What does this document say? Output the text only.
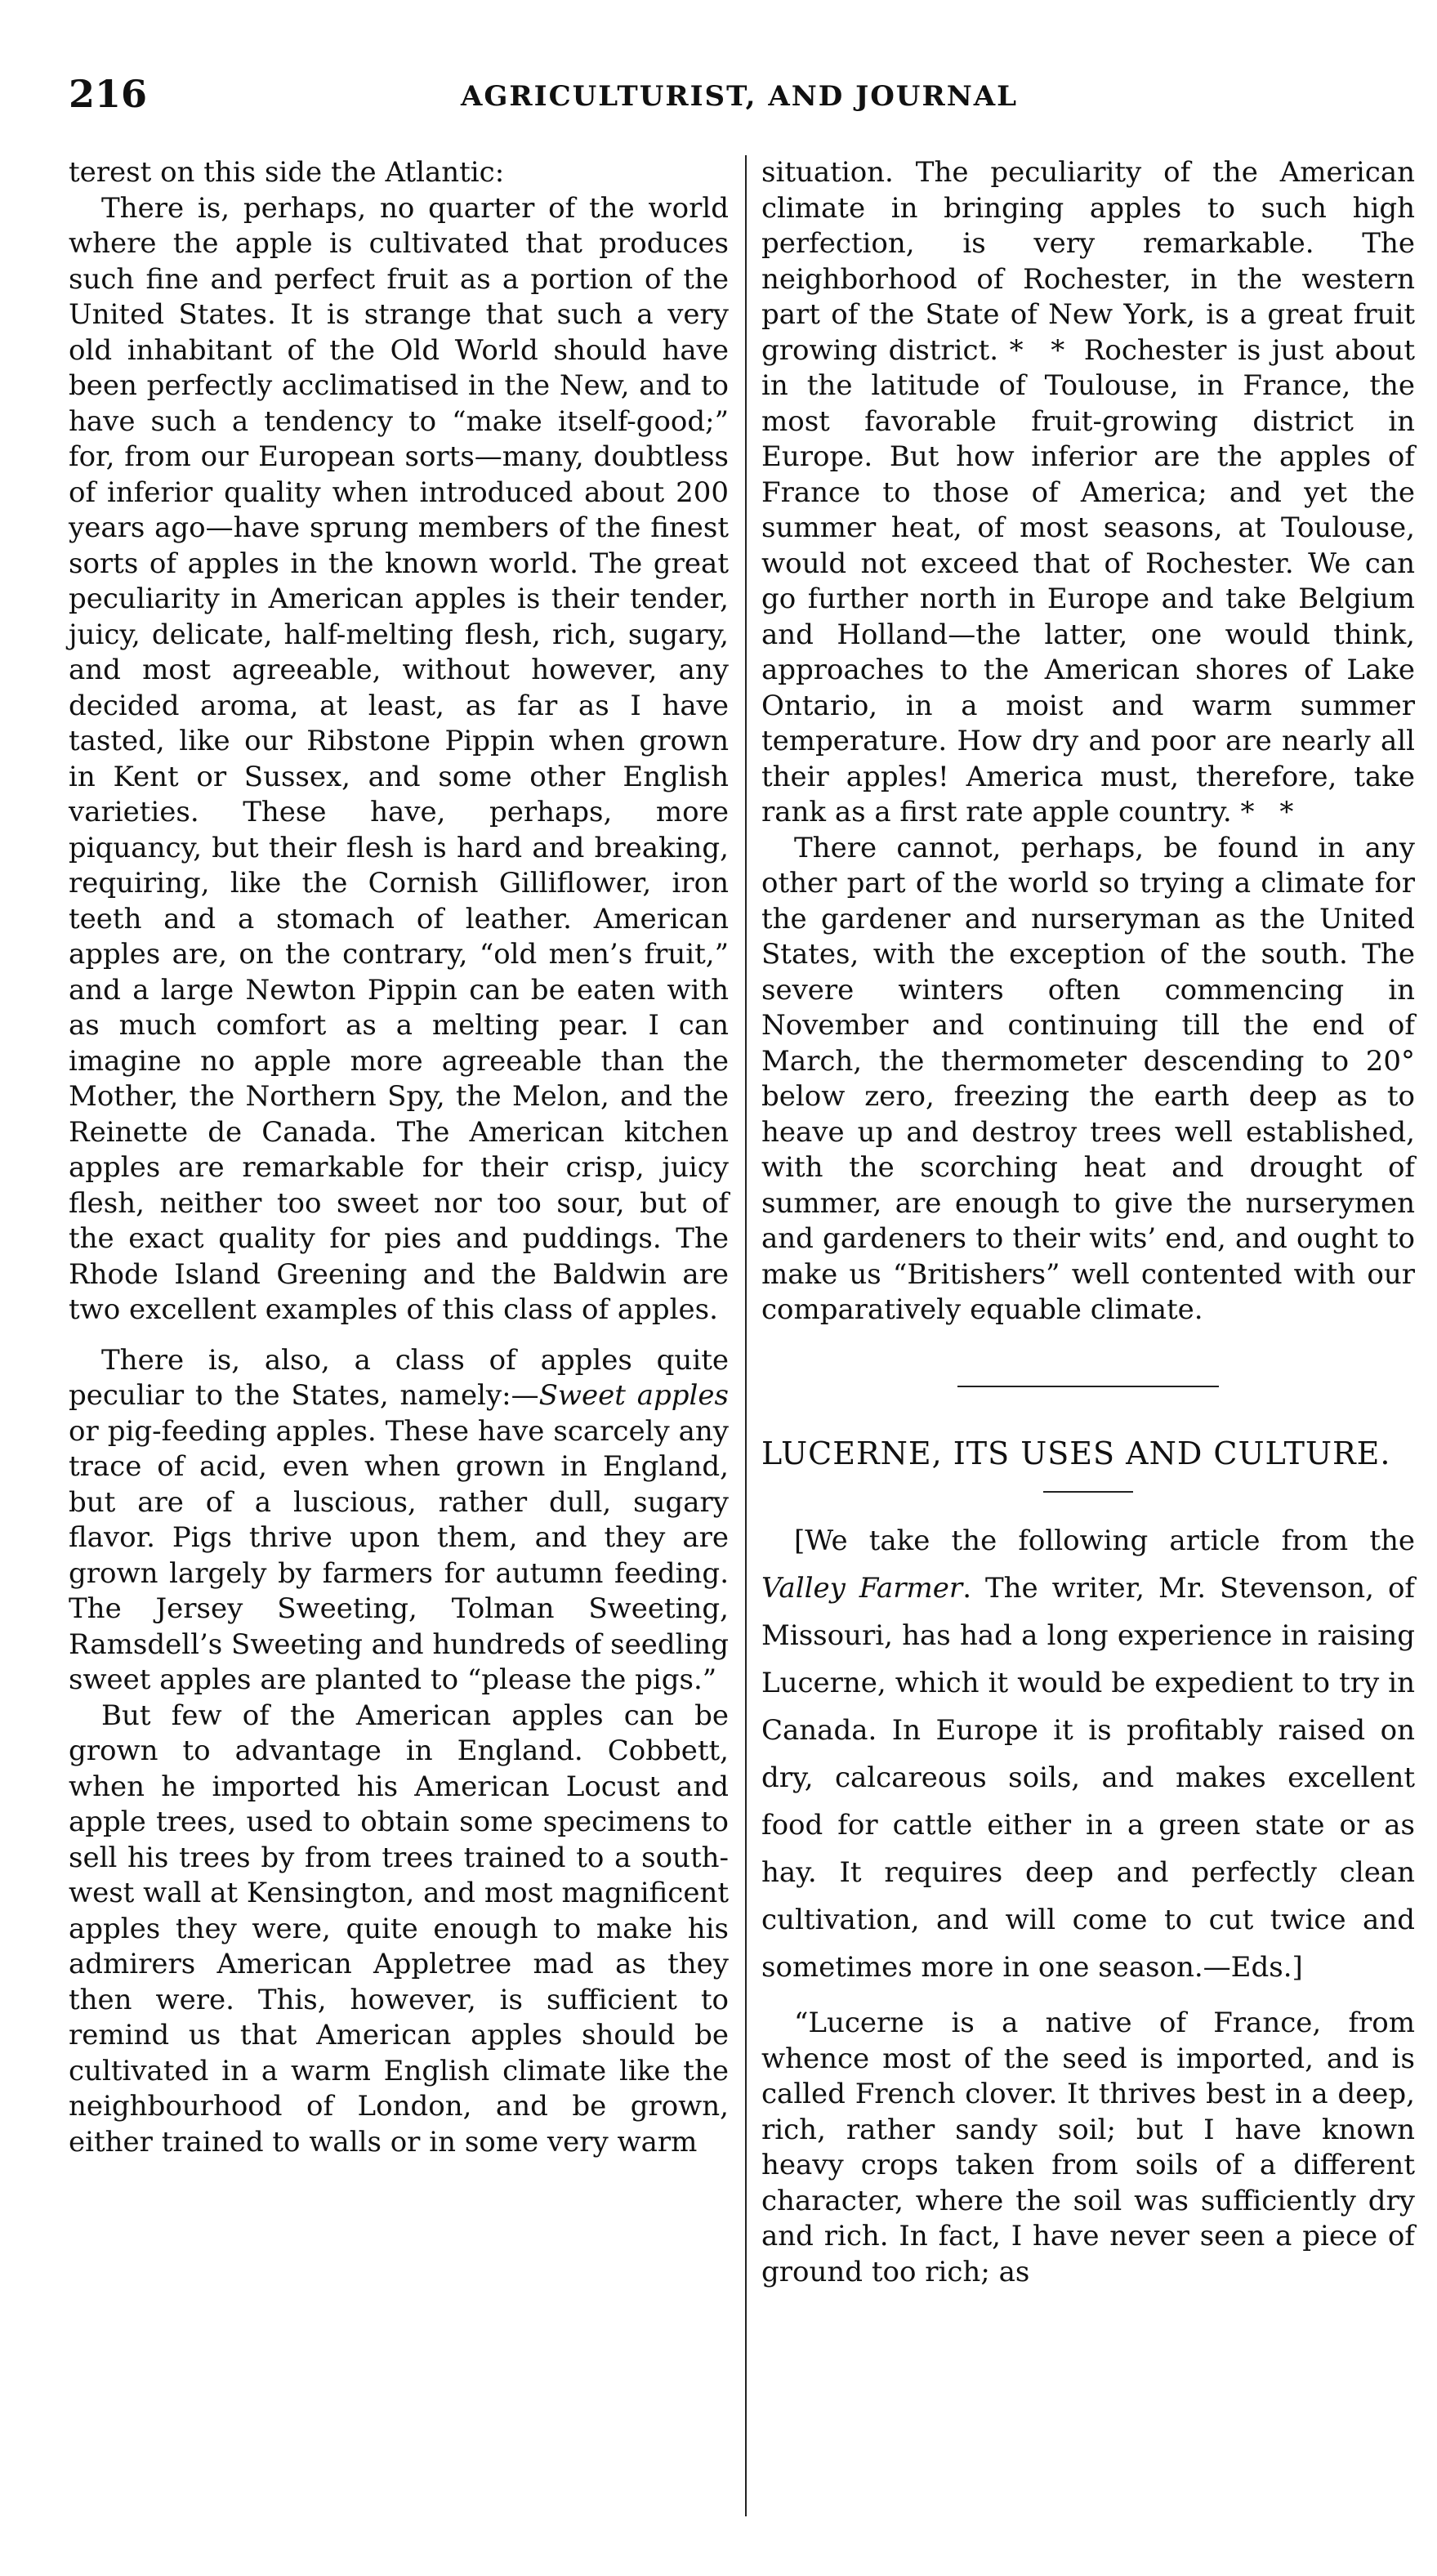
216	AGRICULTURIST, AND JOURNAL

terest on this side the Atlantic:

There is, perhaps, no quarter of the world where the apple is cultivated that produces such fine and perfect fruit as a portion of the United States. It is strange that such a very old inhabitant of the Old World should have been perfectly acclimatised in the New, and to have such a tendency to “make itself-good;” for, from our European sorts—many, doubtless of inferior quality when introduced about 200 years ago—have sprung members of the finest sorts of apples in the known world. The great peculiarity in American apples is their tender, juicy, delicate, half-melting flesh, rich, sugary, and most agreeable, without however, any decided aroma, at least, as far as I have tasted, like our Ribstone Pippin when grown in Kent or Sussex, and some other English varieties. These have, perhaps, more piquancy, but their flesh is hard and breaking, requiring, like the Cornish Gilliflower, iron teeth and a stomach of leather. American apples are, on the contrary, “old men’s fruit,” and a large Newton Pippin can be eaten with as much comfort as a melting pear. I can imagine no apple more agreeable than the Mother, the Northern Spy, the Melon, and the Reinette de Canada. The American kitchen apples are remarkable for their crisp, juicy flesh, neither too sweet nor too sour, but of the exact quality for pies and puddings. The Rhode Island Greening and the Baldwin are two excellent examples of this class of apples.

There is, also, a class of apples quite peculiar to the States, namely:—Sweet apples or pig-feeding apples. These have scarcely any trace of acid, even when grown in England, but are of a luscious, rather dull, sugary flavor. Pigs thrive upon them, and they are grown largely by farmers for autumn feeding. The Jersey Sweeting, Tolman Sweeting, Ramsdell’s Sweeting and hundreds of seedling sweet apples are planted to “please the pigs.”

But few of the American apples can be grown to advantage in England. Cobbett, when he imported his American Locust and apple trees, used to obtain some specimens to sell his trees by from trees trained to a south-west wall at Kensington, and most magnificent apples they were, quite enough to make his admirers American Appletree mad as they then were. This, however, is sufficient to remind us that American apples should be cultivated in a warm English climate like the neighbourhood of London, and be grown, either trained to walls or in some very warm

situation. The peculiarity of the American climate in bringing apples to such high perfection, is very remarkable. The neighborhood of Rochester, in the western part of the State of New York, is a great fruit growing district. * * Rochester is just about in the latitude of Toulouse, in France, the most favorable fruit-growing district in Europe. But how inferior are the apples of France to those of America; and yet the summer heat, of most seasons, at Toulouse, would not exceed that of Rochester. We can go further north in Europe and take Belgium and Holland—the latter, one would think, approaches to the American shores of Lake Ontario, in a moist and warm summer temperature. How dry and poor are nearly all their apples! America must, therefore, take rank as a first rate apple country. * *

There cannot, perhaps, be found in any other part of the world so trying a climate for the gardener and nurseryman as the United States, with the exception of the south. The severe winters often commencing in November and continuing till the end of March, the thermometer descending to 20° below zero, freezing the earth deep as to heave up and destroy trees well established, with the scorching heat and drought of summer, are enough to give the nurserymen and gardeners to their wits’ end, and ought to make us “Britishers” well contented with our comparatively equable climate.

LUCERNE, ITS USES AND CULTURE.

[We take the following article from the Valley Farmer. The writer, Mr. Stevenson, of Missouri, has had a long experience in raising Lucerne, which it would be expedient to try in Canada. In Europe it is profitably raised on dry, calcareous soils, and makes excellent food for cattle either in a green state or as hay. It requires deep and perfectly clean cultivation, and will come to cut twice and sometimes more in one season.—Eds.]

“Lucerne is a native of France, from whence most of the seed is imported, and is called French clover. It thrives best in a deep, rich, rather sandy soil; but I have known heavy crops taken from soils of a different character, where the soil was sufficiently dry and rich. In fact, I have never seen a piece of ground too rich; as
